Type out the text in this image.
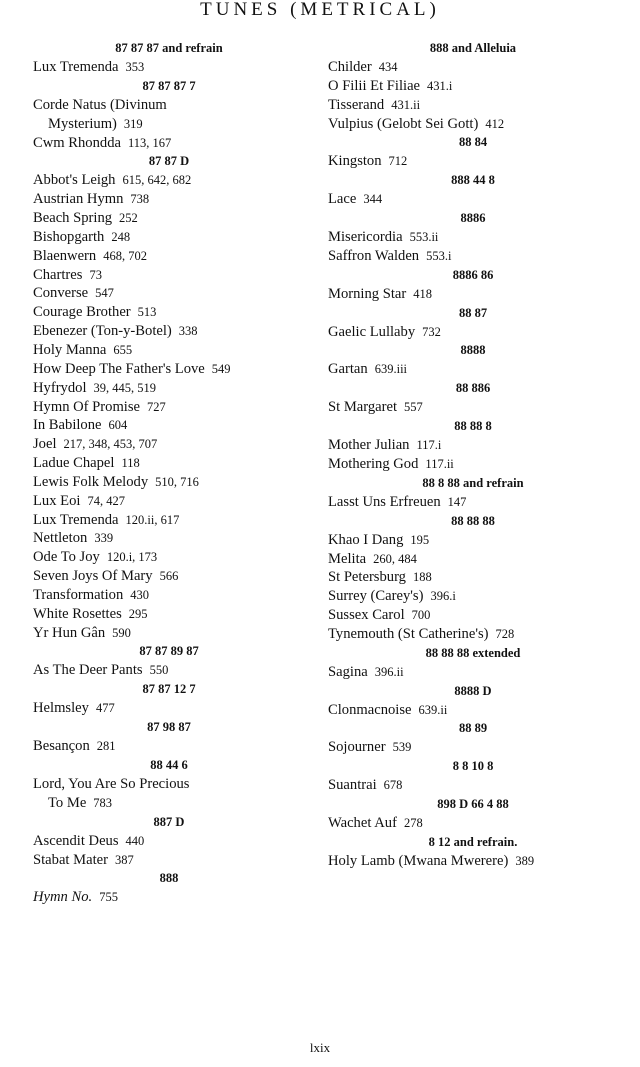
TUNES (METRICAL)
87 87 87 and refrain
Lux Tremenda 353
87 87 87 7
Corde Natus (Divinum
Mysterium) 319
Cwm Rhondda 113, 167
87 87 D
Abbot's Leigh 615, 642, 682
Austrian Hymn 738
Beach Spring 252
Bishopgarth 248
Blaenwern 468, 702
Chartres 73
Converse 547
Courage Brother 513
Ebenezer (Ton-y-Botel) 338
Holy Manna 655
How Deep The Father's Love 549
Hyfrydol 39, 445, 519
Hymn Of Promise 727
In Babilone 604
Joel 217, 348, 453, 707
Ladue Chapel 118
Lewis Folk Melody 510, 716
Lux Eoi 74, 427
Lux Tremenda 120.ii, 617
Nettleton 339
Ode To Joy 120.i, 173
Seven Joys Of Mary 566
Transformation 430
White Rosettes 295
Yr Hun Gân 590
87 87 89 87
As The Deer Pants 550
87 87 12 7
Helmsley 477
87 98 87
Besançon 281
88 44 6
Lord, You Are So Precious
To Me 783
887 D
Ascendit Deus 440
Stabat Mater 387
888
Hymn No. 755
888 and Alleluia
Childer 434
O Filii Et Filiae 431.i
Tisserand 431.ii
Vulpius (Gelobt Sei Gott) 412
88 84
Kingston 712
888 44 8
Lace 344
8886
Misericordia 553.ii
Saffron Walden 553.i
8886 86
Morning Star 418
88 87
Gaelic Lullaby 732
8888
Gartan 639.iii
88 886
St Margaret 557
88 88 8
Mother Julian 117.i
Mothering God 117.ii
88 8 88 and refrain
Lasst Uns Erfreuen 147
88 88 88
Khao I Dang 195
Melita 260, 484
St Petersburg 188
Surrey (Carey's) 396.i
Sussex Carol 700
Tynemouth (St Catherine's) 728
88 88 88 extended
Sagina 396.ii
8888 D
Clonmacnoise 639.ii
88 89
Sojourner 539
8 8 10 8
Suantrai 678
898 D 66 4 88
Wachet Auf 278
8 12 and refrain.
Holy Lamb (Mwana Mwerere) 389
lxix
